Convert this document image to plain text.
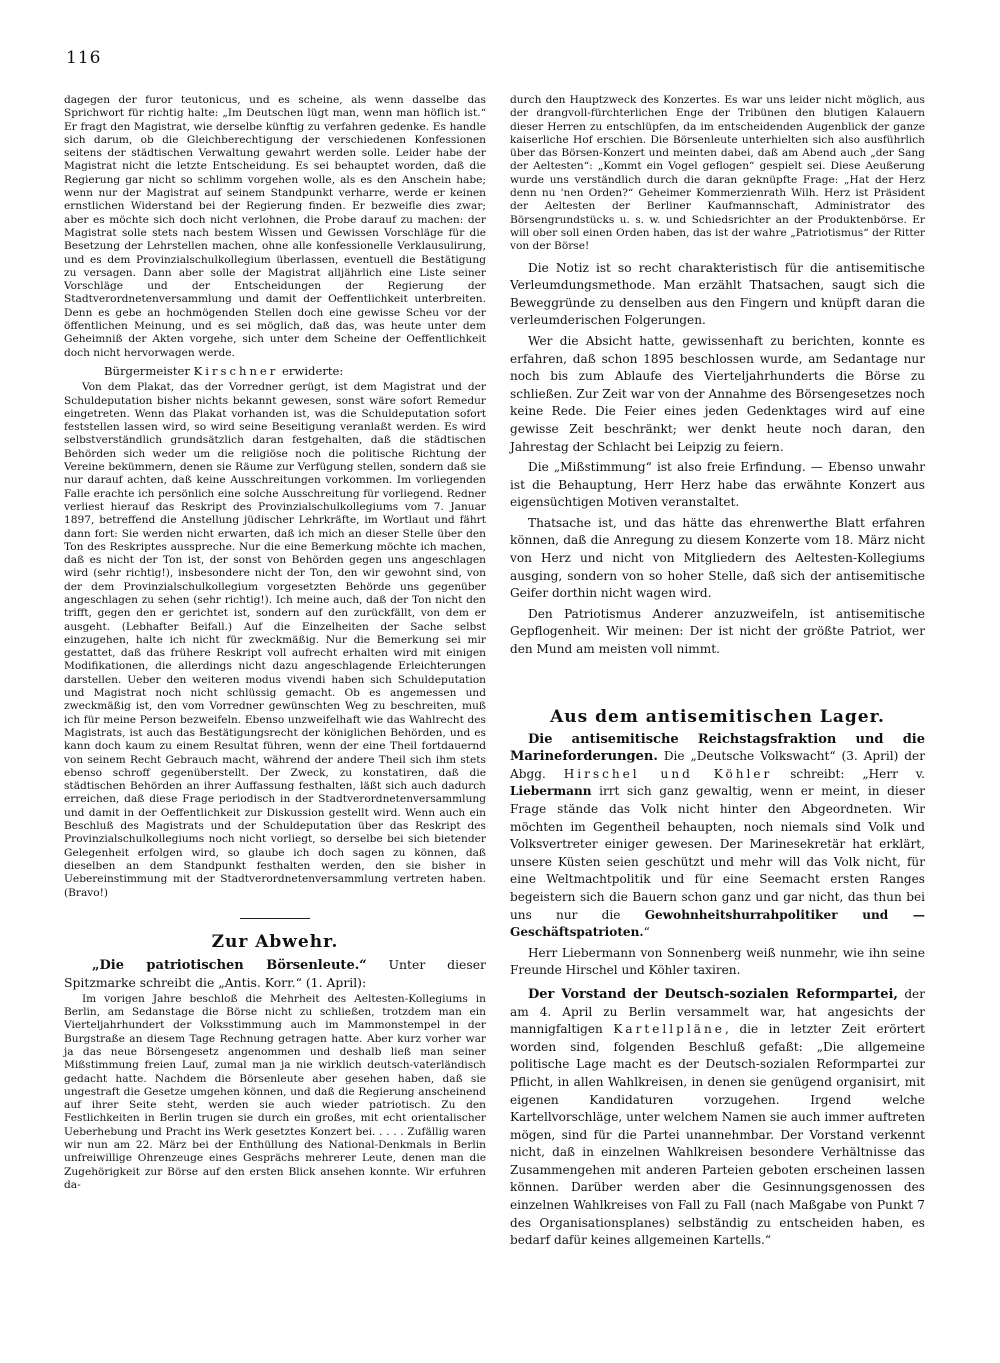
116

dagegen der furor teutonicus, und es scheine, als wenn dasselbe das Sprichwort für richtig halte: „Im Deutschen lügt man, wenn man höflich ist.“ Er fragt den Magistrat, wie derselbe künftig zu verfahren gedenke. Es handle sich darum, ob die Gleichberechtigung der verschiedenen Konfessionen seitens der städtischen Verwaltung gewahrt werden solle. Leider habe der Magistrat nicht die letzte Entscheidung. Es sei behauptet worden, daß die Regierung gar nicht so schlimm vorgehen wolle, als es den Anschein habe; wenn nur der Magistrat auf seinem Standpunkt verharre, werde er keinen ernstlichen Widerstand bei der Regierung finden. Er bezweifle dies zwar; aber es möchte sich doch nicht verlohnen, die Probe darauf zu machen: der Magistrat solle stets nach bestem Wissen und Gewissen Vorschläge für die Besetzung der Lehrstellen machen, ohne alle konfessionelle Verklausulirung, und es dem Provinzialschulkollegium überlassen, eventuell die Bestätigung zu versagen. Dann aber solle der Magistrat alljährlich eine Liste seiner Vorschläge und der Entscheidungen der Regierung der Stadtverordnetenversammlung und damit der Oeffentlichkeit unterbreiten. Denn es gebe an hochmögenden Stellen doch eine gewisse Scheu vor der öffentlichen Meinung, und es sei möglich, daß das, was heute unter dem Geheimniß der Akten vorgehe, sich unter dem Scheine der Oeffentlichkeit doch nicht hervorwagen werde.

Bürgermeister Kirschner erwiderte:

Von dem Plakat, das der Vorredner gerügt, ist dem Magistrat und der Schuldeputation bisher nichts bekannt gewesen, sonst wäre sofort Remedur eingetreten. Wenn das Plakat vorhanden ist, was die Schuldeputation sofort feststellen lassen wird, so wird seine Beseitigung veranlaßt werden. Es wird selbstverständlich grundsätzlich daran festgehalten, daß die städtischen Behörden sich weder um die religiöse noch die politische Richtung der Vereine bekümmern, denen sie Räume zur Verfügung stellen, sondern daß sie nur darauf achten, daß keine Ausschreitungen vorkommen. Im vorliegenden Falle erachte ich persönlich eine solche Ausschreitung für vorliegend. Redner verliest hierauf das Reskript des Provinzialschulkollegiums vom 7. Januar 1897, betreffend die Anstellung jüdischer Lehrkräfte, im Wortlaut und fährt dann fort: Sie werden nicht erwarten, daß ich mich an dieser Stelle über den Ton des Reskriptes ausspreche. Nur die eine Bemerkung möchte ich machen, daß es nicht der Ton ist, der sonst von Behörden gegen uns angeschlagen wird (sehr richtig!), insbesondere nicht der Ton, den wir gewohnt sind, von der dem Provinzialschulkollegium vorgesetzten Behörde uns gegenüber angeschlagen zu sehen (sehr richtig!). Ich meine auch, daß der Ton nicht den trifft, gegen den er gerichtet ist, sondern auf den zurückfällt, von dem er ausgeht. (Lebhafter Beifall.) Auf die Einzelheiten der Sache selbst einzugehen, halte ich nicht für zweckmäßig. Nur die Bemerkung sei mir gestattet, daß das frühere Reskript voll aufrecht erhalten wird mit einigen Modifikationen, die allerdings nicht dazu angeschlagende Erleichterungen darstellen. Ueber den weiteren modus vivendi haben sich Schuldeputation und Magistrat noch nicht schlüssig gemacht. Ob es angemessen und zweckmäßig ist, den vom Vorredner gewünschten Weg zu beschreiten, muß ich für meine Person bezweifeln. Ebenso unzweifelhaft wie das Wahlrecht des Magistrats, ist auch das Bestätigungsrecht der königlichen Behörden, und es kann doch kaum zu einem Resultat führen, wenn der eine Theil fortdauernd von seinem Recht Gebrauch macht, während der andere Theil sich ihm stets ebenso schroff gegenüberstellt. Der Zweck, zu konstatiren, daß die städtischen Behörden an ihrer Auffassung festhalten, läßt sich auch dadurch erreichen, daß diese Frage periodisch in der Stadtverordnetenversammlung und damit in der Oeffentlichkeit zur Diskussion gestellt wird. Wenn auch ein Beschluß des Magistrats und der Schuldeputation über das Reskript des Provinzialschulkollegiums noch nicht vorliegt, so derselbe bei sich bietender Gelegenheit erfolgen wird, so glaube ich doch sagen zu können, daß dieselben an dem Standpunkt festhalten werden, den sie bisher in Uebereinstimmung mit der Stadtverordnetenversammlung vertreten haben. (Bravo!)

Zur Abwehr.

„Die patriotischen Börsenleute.“ Unter dieser Spitzmarke schreibt die „Antis. Korr.“ (1. April):

Im vorigen Jahre beschloß die Mehrheit des Aeltesten-Kollegiums in Berlin, am Sedanstage die Börse nicht zu schließen, trotzdem man ein Vierteljahrhundert der Volksstimmung auch im Mammonstempel in der Burgstraße an diesem Tage Rechnung getragen hatte. Aber kurz vorher war ja das neue Börsengesetz angenommen und deshalb ließ man seiner Mißstimmung freien Lauf, zumal man ja nie wirklich deutsch-vaterländisch gedacht hatte. Nachdem die Börsenleute aber gesehen haben, daß sie ungestraft die Gesetze umgehen können, und daß die Regierung anscheinend auf ihrer Seite steht, werden sie auch wieder patriotisch. Zu den Festlichkeiten in Berlin trugen sie durch ein großes, mit echt orientalischer Ueberhebung und Pracht ins Werk gesetztes Konzert bei. . . . . Zufällig waren wir nun am 22. März bei der Enthüllung des National-Denkmals in Berlin unfreiwillige Ohrenzeuge eines Gesprächs mehrerer Leute, denen man die Zugehörigkeit zur Börse auf den ersten Blick ansehen konnte. Wir erfuhren da-

durch den Hauptzweck des Konzertes. Es war uns leider nicht möglich, aus der drangvoll-fürchterlichen Enge der Tribünen den blutigen Kalauern dieser Herren zu entschlüpfen, da im entscheidenden Augenblick der ganze kaiserliche Hof erschien. Die Börsenleute unterhielten sich also ausführlich über das Börsen-Konzert und meinten dabei, daß am Abend auch „der Sang der Aeltesten“: „Kommt ein Vogel geflogen“ gespielt sei. Diese Aeußerung wurde uns verständlich durch die daran geknüpfte Frage: „Hat der Herz denn nu 'nen Orden?“ Geheimer Kommerzienrath Wilh. Herz ist Präsident der Aeltesten der Berliner Kaufmannschaft, Administrator des Börsengrundstücks u. s. w. und Schiedsrichter an der Produktenbörse. Er will ober soll einen Orden haben, das ist der wahre „Patriotismus“ der Ritter von der Börse!

Die Notiz ist so recht charakteristisch für die antisemitische Verleumdungsmethode. Man erzählt Thatsachen, saugt sich die Beweggründe zu denselben aus den Fingern und knüpft daran die verleumderischen Folgerungen.

Wer die Absicht hatte, gewissenhaft zu berichten, konnte es erfahren, daß schon 1895 beschlossen wurde, am Sedantage nur noch bis zum Ablaufe des Vierteljahrhunderts die Börse zu schließen. Zur Zeit war von der Annahme des Börsengesetzes noch keine Rede. Die Feier eines jeden Gedenktages wird auf eine gewisse Zeit beschränkt; wer denkt heute noch daran, den Jahrestag der Schlacht bei Leipzig zu feiern.

Die „Mißstimmung“ ist also freie Erfindung. — Ebenso unwahr ist die Behauptung, Herr Herz habe das erwähnte Konzert aus eigensüchtigen Motiven veranstaltet.

Thatsache ist, und das hätte das ehrenwerthe Blatt erfahren können, daß die Anregung zu diesem Konzerte vom 18. März nicht von Herz und nicht von Mitgliedern des Aeltesten-Kollegiums ausging, sondern von so hoher Stelle, daß sich der antisemitische Geifer dorthin nicht wagen wird.

Den Patriotismus Anderer anzuzweifeln, ist antisemitische Gepflogenheit. Wir meinen: Der ist nicht der größte Patriot, wer den Mund am meisten voll nimmt.

Aus dem antisemitischen Lager.

Die antisemitische Reichstagsfraktion und die Marineforderungen. Die „Deutsche Volkswacht“ (3. April) der Abgg. Hirschel und Köhler schreibt: „Herr v. Liebermann irrt sich ganz gewaltig, wenn er meint, in dieser Frage stände das Volk nicht hinter den Abgeordneten. Wir möchten im Gegentheil behaupten, noch niemals sind Volk und Volksvertreter einiger gewesen. Der Marinesekretär hat erklärt, unsere Küsten seien geschützt und mehr will das Volk nicht, für eine Weltmachtpolitik und für eine Seemacht ersten Ranges begeistern sich die Bauern schon ganz und gar nicht, das thun bei uns nur die Gewohnheitshurrahpolitiker und — Geschäftspatrioten.“

Herr Liebermann von Sonnenberg weiß nunmehr, wie ihn seine Freunde Hirschel und Köhler taxiren.

Der Vorstand der Deutsch-sozialen Reformpartei, der am 4. April zu Berlin versammelt war, hat angesichts der mannigfaltigen Kartellpläne, die in letzter Zeit erörtert worden sind, folgenden Beschluß gefaßt: „Die allgemeine politische Lage macht es der Deutsch-sozialen Reformpartei zur Pflicht, in allen Wahlkreisen, in denen sie genügend organisirt, mit eigenen Kandidaturen vorzugehen. Irgend welche Kartellvorschläge, unter welchem Namen sie auch immer auftreten mögen, sind für die Partei unannehmbar. Der Vorstand verkennt nicht, daß in einzelnen Wahlkreisen besondere Verhältnisse das Zusammengehen mit anderen Parteien geboten erscheinen lassen können. Darüber werden aber die Gesinnungsgenossen des einzelnen Wahlkreises von Fall zu Fall (nach Maßgabe von Punkt 7 des Organisationsplanes) selbständig zu entscheiden haben, es bedarf dafür keines allgemeinen Kartells.“
